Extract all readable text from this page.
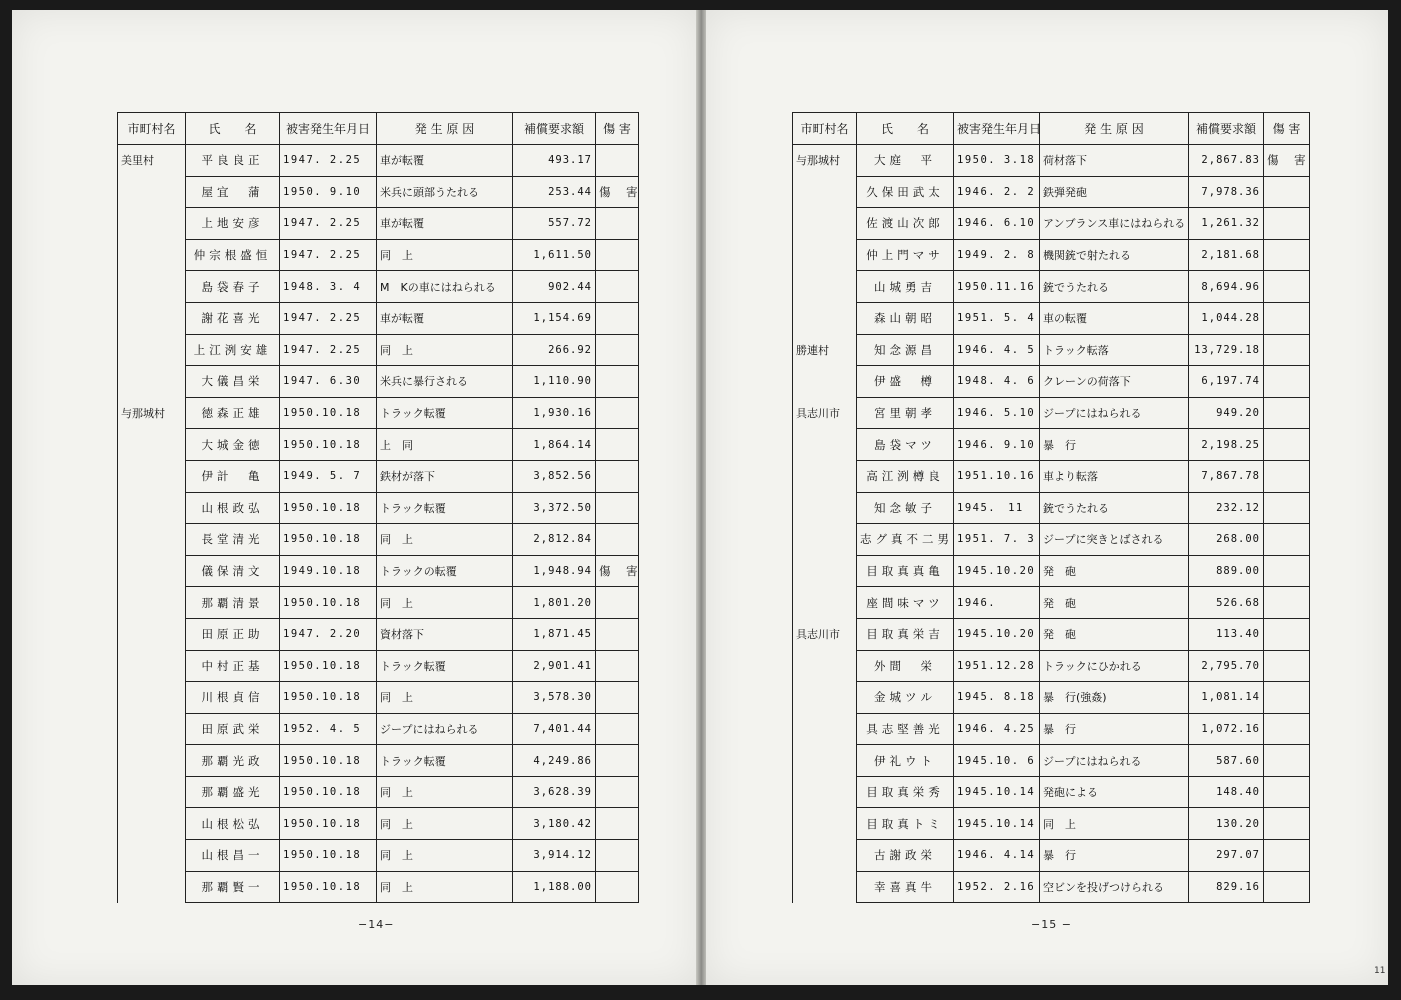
市町村名	氏　　名	被害発生年月日	発 生 原 因	補償要求額	傷 害
美里村	平良良正	1947. 2.25	車が転覆	493.17	
	屋宜　蒲	1950. 9.10	米兵に頭部うたれる	253.44	傷 害
	上地安彦	1947. 2.25	車が転覆	557.72	
	仲宗根盛恒	1947. 2.25	同　上	1,611.50	
	島袋春子	1948. 3. 4	M　Kの車にはねられる	902.44	
	謝花喜光	1947. 2.25	車が転覆	1,154.69	
	上江洌安雄	1947. 2.25	同　上	266.92	
	大儀昌栄	1947. 6.30	米兵に暴行される	1,110.90	
与那城村	徳森正雄	1950.10.18	トラック転覆	1,930.16	
	大城金徳	1950.10.18	上　同	1,864.14	
	伊計　亀	1949. 5. 7	鉄材が落下	3,852.56	
	山根政弘	1950.10.18	トラック転覆	3,372.50	
	長堂清光	1950.10.18	同　上	2,812.84	
	儀保清文	1949.10.18	トラックの転覆	1,948.94	傷 害
	那覇清景	1950.10.18	同　上	1,801.20	
	田原正助	1947. 2.20	資材落下	1,871.45	
	中村正基	1950.10.18	トラック転覆	2,901.41	
	川根貞信	1950.10.18	同　上	3,578.30	
	田原武栄	1952. 4. 5	ジープにはねられる	7,401.44	
	那覇光政	1950.10.18	トラック転覆	4,249.86	
	那覇盛光	1950.10.18	同　上	3,628.39	
	山根松弘	1950.10.18	同　上	3,180.42	
	山根昌一	1950.10.18	同　上	3,914.12	
	那覇賢一	1950.10.18	同　上	1,188.00	
市町村名	氏　　名	被害発生年月日	発 生 原 因	補償要求額	傷 害
与那城村	大庭　平	1950. 3.18	荷材落下	2,867.83	傷 害
	久保田武太	1946. 2. 2	鉄弾発砲	7,978.36	
	佐渡山次郎	1946. 6.10	アンブランス車にはねられる	1,261.32	
	仲上門マサ	1949. 2. 8	機関銃で射たれる	2,181.68	
	山城勇吉	1950.11.16	銃でうたれる	8,694.96	
	森山朝昭	1951. 5. 4	車の転覆	1,044.28	
勝連村	知念源昌	1946. 4. 5	トラック転落	13,729.18	
	伊盛　樽	1948. 4. 6	クレーンの荷落下	6,197.74	
具志川市	宮里朝孝	1946. 5.10	ジープにはねられる	949.20	
	島袋マツ	1946. 9.10	暴　行	2,198.25	
	高江洌樽良	1951.10.16	車より転落	7,867.78	
	知念敏子	1945.　11	銃でうたれる	232.12	
	志グ真不二男	1951. 7. 3	ジープに突きとばされる	268.00	
	目取真真亀	1945.10.20	発　砲	889.00	
	座間味マツ	1946.	発　砲	526.68	
具志川市	目取真栄吉	1945.10.20	発　砲	113.40	
	外間　栄	1951.12.28	トラックにひかれる	2,795.70	
	金城ツル	1945. 8.18	暴　行(強姦)	1,081.14	
	具志堅善光	1946. 4.25	暴　行	1,072.16	
	伊礼ウト	1945.10. 6	ジープにはねられる	587.60	
	目取真栄秀	1945.10.14	発砲による	148.40	
	目取真トミ	1945.10.14	同　上	130.20	
	古謝政栄	1946. 4.14	暴　行	297.07	
	幸喜真牛	1952. 2.16	空ビンを投げつけられる	829.16	
−14−	−15 −
11
